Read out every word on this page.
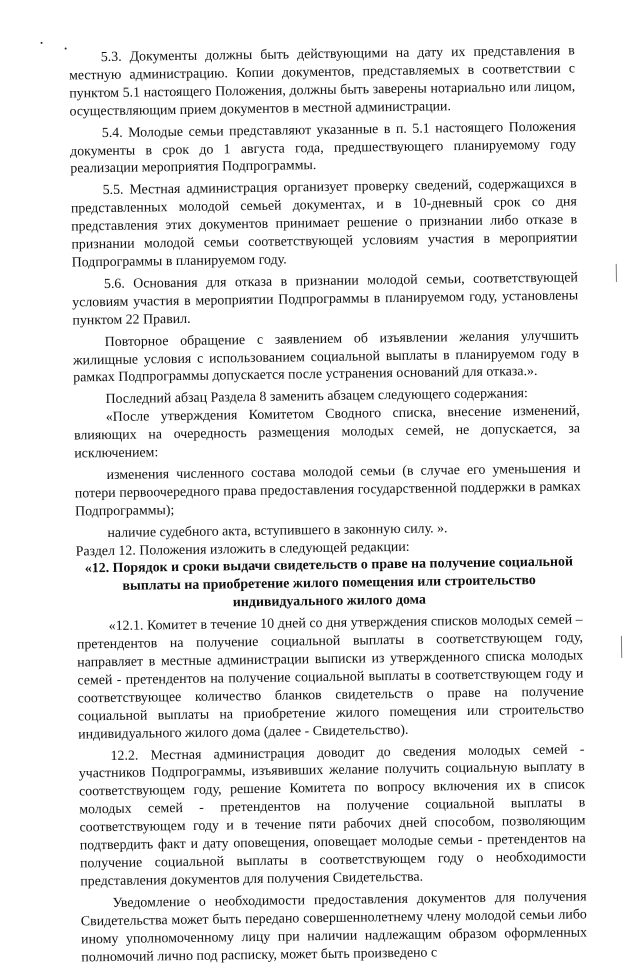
5.3. Документы должны быть действующими на дату их представления в местную администрацию. Копии документов, представляемых в соответствии с пунктом 5.1 настоящего Положения, должны быть заверены нотариально или лицом, осуществляющим прием документов в местной администрации.

5.4. Молодые семьи представляют указанные в п. 5.1 настоящего Положения документы в срок до 1 августа года, предшествующего планируемому году реализации мероприятия Подпрограммы.

5.5. Местная администрация организует проверку сведений, содержащихся в представленных молодой семьей документах, и в 10-дневный срок со дня представления этих документов принимает решение о признании либо отказе в признании молодой семьи соответствующей условиям участия в мероприятии Подпрограммы в планируемом году.

5.6. Основания для отказа в признании молодой семьи, соответствующей условиям участия в мероприятии Подпрограммы в планируемом году, установлены пунктом 22 Правил.

Повторное обращение с заявлением об изъявлении желания улучшить жилищные условия с использованием социальной выплаты в планируемом году в рамках Подпрограммы допускается после устранения оснований для отказа.».

Последний абзац Раздела 8 заменить абзацем следующего содержания:

«После утверждения Комитетом Сводного списка, внесение изменений, влияющих на очередность размещения молодых семей, не допускается, за исключением:

изменения численного состава молодой семьи (в случае его уменьшения и потери первоочередного права предоставления государственной поддержки в рамках Подпрограммы);

наличие судебного акта, вступившего в законную силу. ».

Раздел 12. Положения изложить в следующей редакции:

«12. Порядок и сроки выдачи свидетельств о праве на получение социальной выплаты на приобретение жилого помещения или строительство индивидуального жилого дома

«12.1. Комитет в течение 10 дней со дня утверждения списков молодых семей – претендентов на получение социальной выплаты в соответствующем году, направляет в местные администрации выписки из утвержденного списка молодых семей - претендентов на получение социальной выплаты в соответствующем году и соответствующее количество бланков свидетельств о праве на получение социальной выплаты на приобретение жилого помещения или строительство индивидуального жилого дома (далее - Свидетельство).

12.2. Местная администрация доводит до сведения молодых семей - участников Подпрограммы, изъявивших желание получить социальную выплату в соответствующем году, решение Комитета по вопросу включения их в список молодых семей - претендентов на получение социальной выплаты в соответствующем году и в течение пяти рабочих дней способом, позволяющим подтвердить факт и дату оповещения, оповещает молодые семьи - претендентов на получение социальной выплаты в соответствующем году о необходимости представления документов для получения Свидетельства.

Уведомление о необходимости предоставления документов для получения Свидетельства может быть передано совершеннолетнему члену молодой семьи либо иному уполномоченному лицу при наличии надлежащим образом оформленных полномочий лично под расписку, может быть произведено с
